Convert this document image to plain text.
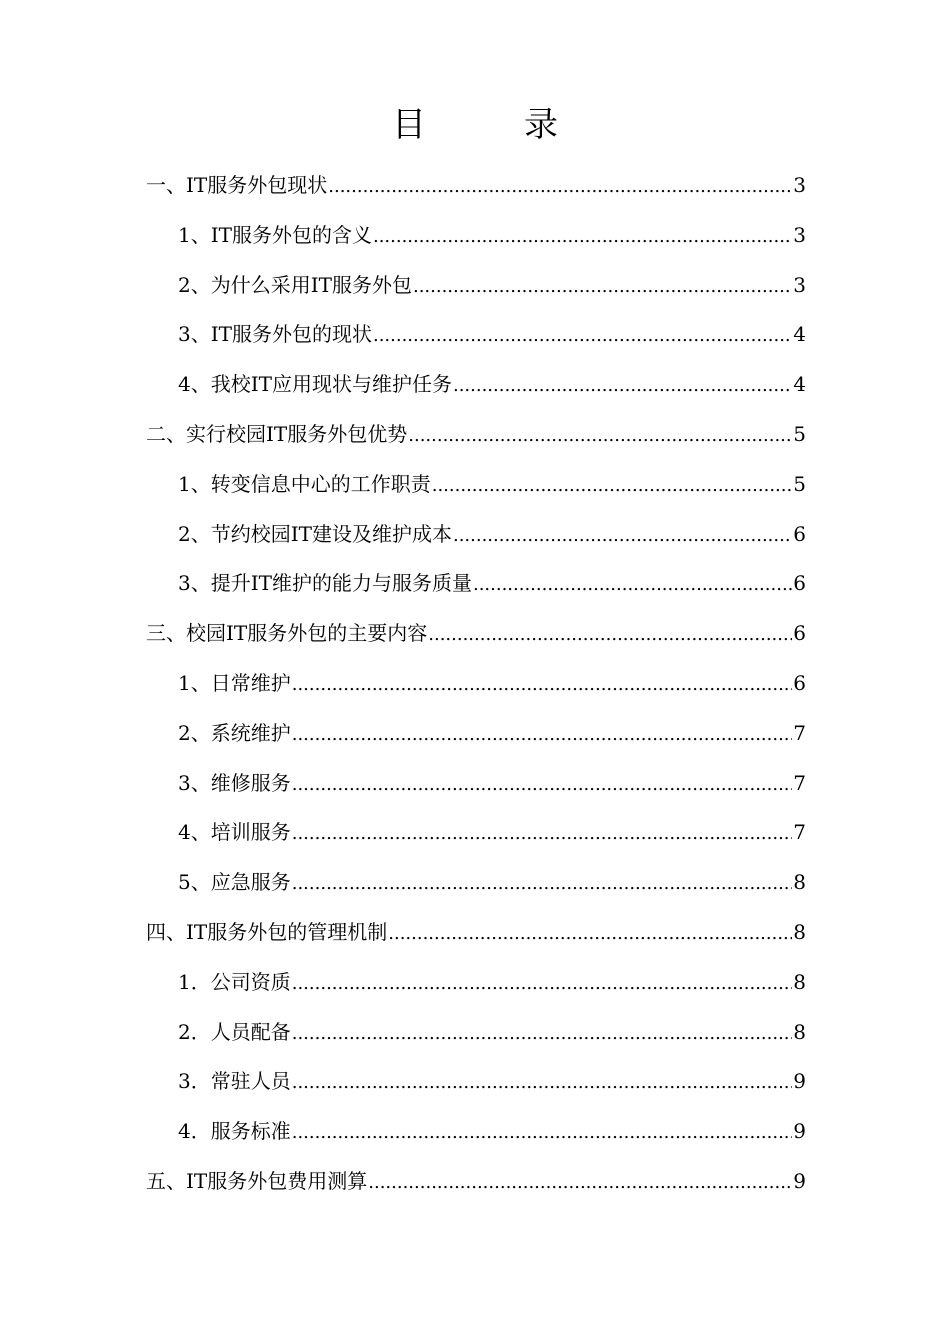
目　录
一、IT服务外包现状 .....	3
1、IT服务外包的含义 .....	3
2、为什么采用IT服务外包 .....	3
3、IT服务外包的现状 .....	4
4、我校IT应用现状与维护任务 .....	4
二、实行校园IT服务外包优势 .....	5
1、转变信息中心的工作职责 .....	5
2、节约校园IT建设及维护成本 .....	6
3、提升IT维护的能力与服务质量 .....	6
三、校园IT服务外包的主要内容 .....	6
1、日常维护 .....	6
2、系统维护 .....	7
3、维修服务 .....	7
4、培训服务 .....	7
5、应急服务 .....	8
四、IT服务外包的管理机制 .....	8
1．公司资质 .....	8
2．人员配备 .....	8
3．常驻人员 .....	9
4．服务标准 .....	9
五、IT服务外包费用测算 .....	9
